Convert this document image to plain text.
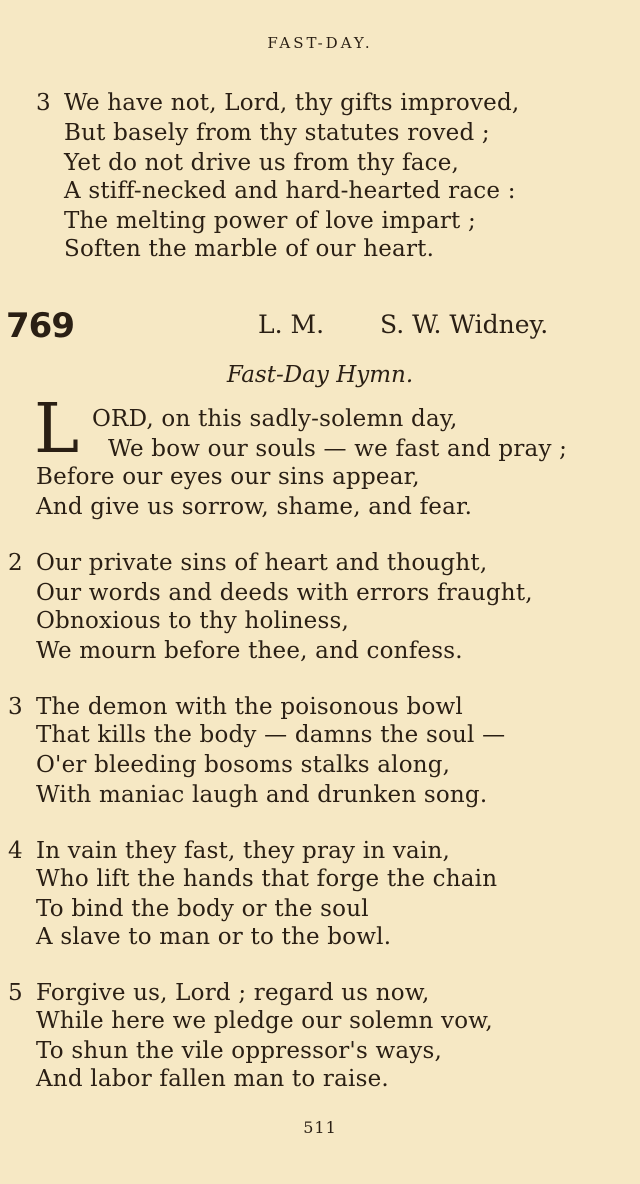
FAST-DAY.
3 We have not, Lord, thy gifts improved,
But basely from thy statutes roved ;
Yet do not drive us from thy face,
A stiff-necked and hard-hearted race :
The melting power of love impart ;
Soften the marble of our heart.
769	L. M. S. W. Widney.
Fast-Day Hymn.
L ORD, on this sadly-solemn day,
We bow our souls — we fast and pray ;
Before our eyes our sins appear,
And give us sorrow, shame, and fear.
2 Our private sins of heart and thought,
Our words and deeds with errors fraught,
Obnoxious to thy holiness,
We mourn before thee, and confess.
3 The demon with the poisonous bowl
That kills the body — damns the soul —
O'er bleeding bosoms stalks along,
With maniac laugh and drunken song.
4 In vain they fast, they pray in vain,
Who lift the hands that forge the chain
To bind the body or the soul
A slave to man or to the bowl.
5 Forgive us, Lord ; regard us now,
While here we pledge our solemn vow,
To shun the vile oppressor's ways,
And labor fallen man to raise.
511
